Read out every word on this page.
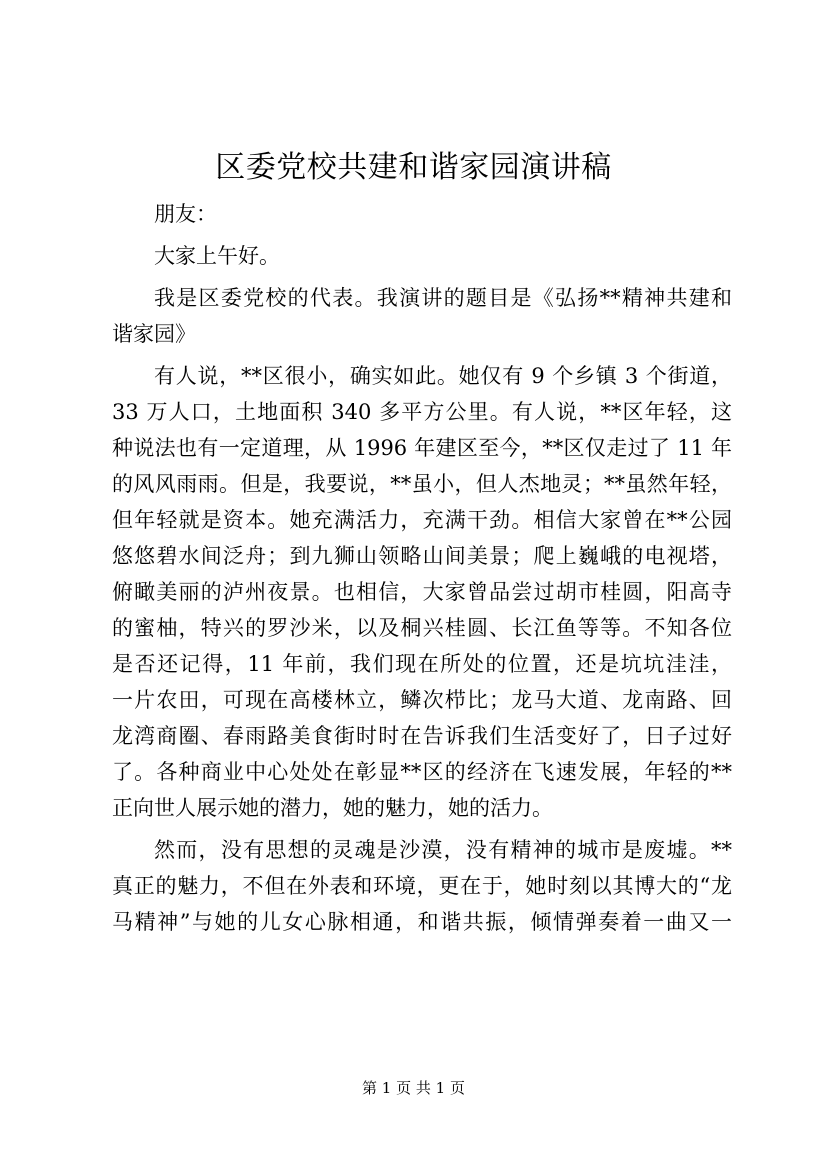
区委党校共建和谐家园演讲稿

朋友：

大家上午好。

我是区委党校的代表。我演讲的题目是《弘扬**精神共建和
谐家园》

有人说，**区很小，确实如此。她仅有 9 个乡镇 3 个街道，
33 万人口，土地面积 340 多平方公里。有人说，**区年轻，这
种说法也有一定道理，从 1996 年建区至今，**区仅走过了 11 年
的风风雨雨。但是，我要说，**虽小，但人杰地灵；**虽然年轻，
但年轻就是资本。她充满活力，充满干劲。相信大家曾在**公园
悠悠碧水间泛舟；到九狮山领略山间美景；爬上巍峨的电视塔，
俯瞰美丽的泸州夜景。也相信，大家曾品尝过胡市桂圆，阳高寺
的蜜柚，特兴的罗沙米，以及桐兴桂圆、长江鱼等等。不知各位
是否还记得，11 年前，我们现在所处的位置，还是坑坑洼洼，
一片农田，可现在高楼林立，鳞次栉比；龙马大道、龙南路、回
龙湾商圈、春雨路美食街时时在告诉我们生活变好了，日子过好
了。各种商业中心处处在彰显**区的经济在飞速发展，年轻的**
正向世人展示她的潜力，她的魅力，她的活力。

然而，没有思想的灵魂是沙漠，没有精神的城市是废墟。**
真正的魅力，不但在外表和环境，更在于，她时刻以其博大的“龙
马精神”与她的儿女心脉相通，和谐共振，倾情弹奏着一曲又一

第 1 页 共 1 页
